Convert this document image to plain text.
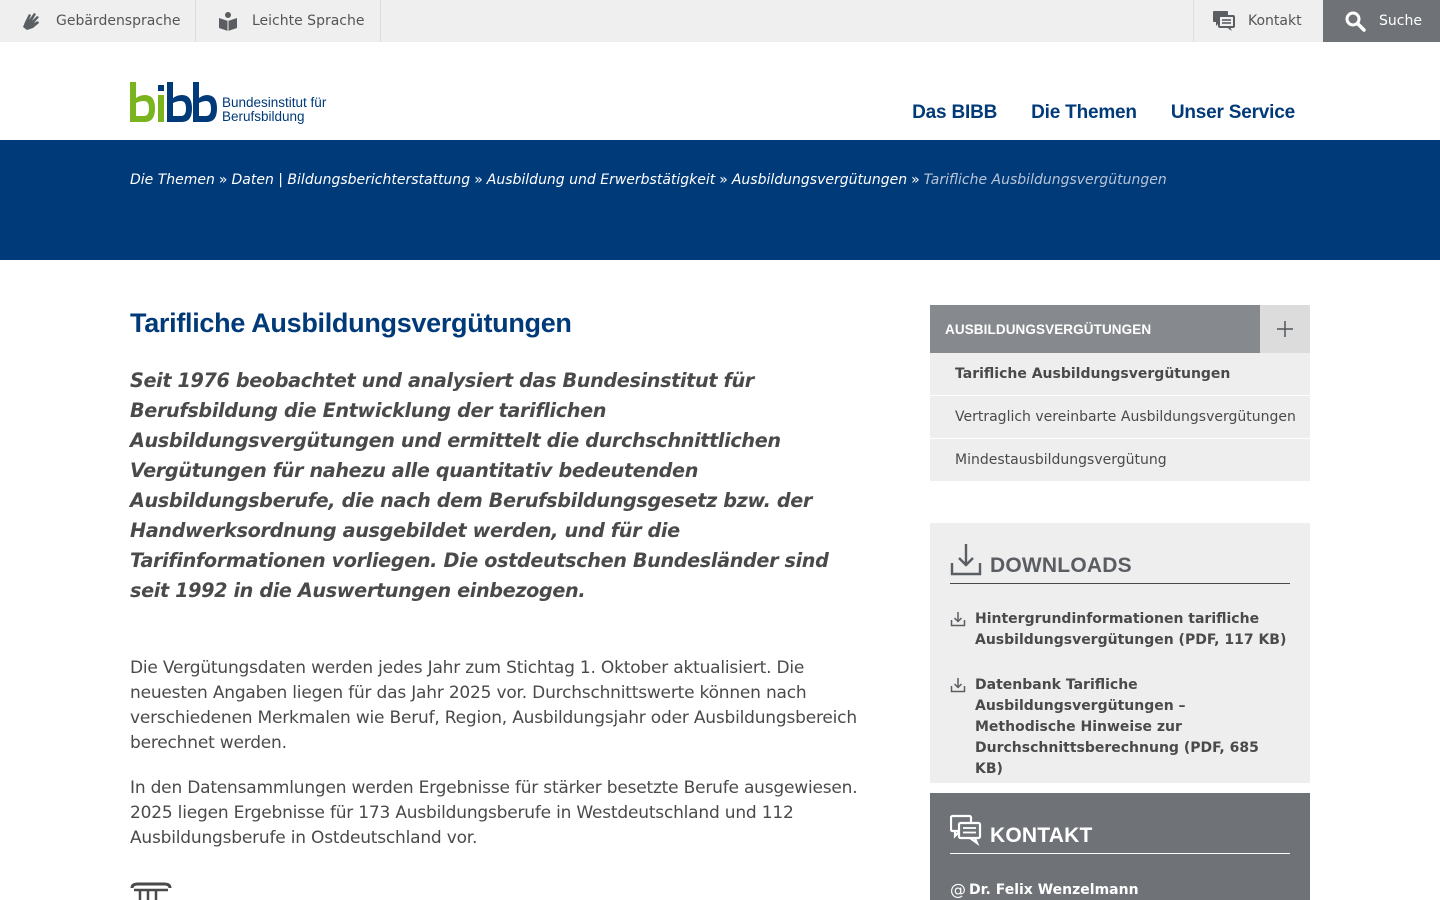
Gebärdensprache	Leichte Sprache	Kontakt	Suche
Bundesinstitut für
Berufsbildung	Das BIBB Die Themen Unser Service
Die Themen » Daten | Bildungsberichterstattung » Ausbildung und Erwerbstätigkeit » Ausbildungsvergütungen » Tarifliche Ausbildungsvergütungen
Tarifliche Ausbildungsvergütungen

Seit 1976 beobachtet und analysiert das Bundesinstitut für Berufsbildung die Entwicklung der tariflichen Ausbildungsvergütungen und ermittelt die durchschnittlichen Vergütungen für nahezu alle quantitativ bedeutenden Ausbildungsberufe, die nach dem Berufsbildungsgesetz bzw. der Handwerksordnung ausgebildet werden, und für die Tarifinformationen vorliegen. Die ostdeutschen Bundesländer sind seit 1992 in die Auswertungen einbezogen.

Die Vergütungsdaten werden jedes Jahr zum Stichtag 1. Oktober aktualisiert. Die neuesten Angaben liegen für das Jahr 2025 vor. Durchschnittswerte können nach verschiedenen Merkmalen wie Beruf, Region, Ausbildungsjahr oder Ausbildungsbereich berechnet werden.

In den Datensammlungen werden Ergebnisse für stärker besetzte Berufe ausgewiesen. 2025 liegen Ergebnisse für 173 Ausbildungsberufe in Westdeutschland und 112 Ausbildungsberufe in Ostdeutschland vor.

AUSBILDUNGSVERGÜTUNGEN
Tarifliche Ausbildungsvergütungen
Vertraglich vereinbarte Ausbildungsvergütungen
Mindestausbildungsvergütung
DOWNLOADS
Hintergrundinformationen tarifliche Ausbildungsvergütungen (PDF, 117 KB)
Datenbank Tarifliche Ausbildungsvergütungen – Methodische Hinweise zur Durchschnittsberechnung (PDF, 685 KB)
KONTAKT
@ Dr. Felix Wenzelmann
